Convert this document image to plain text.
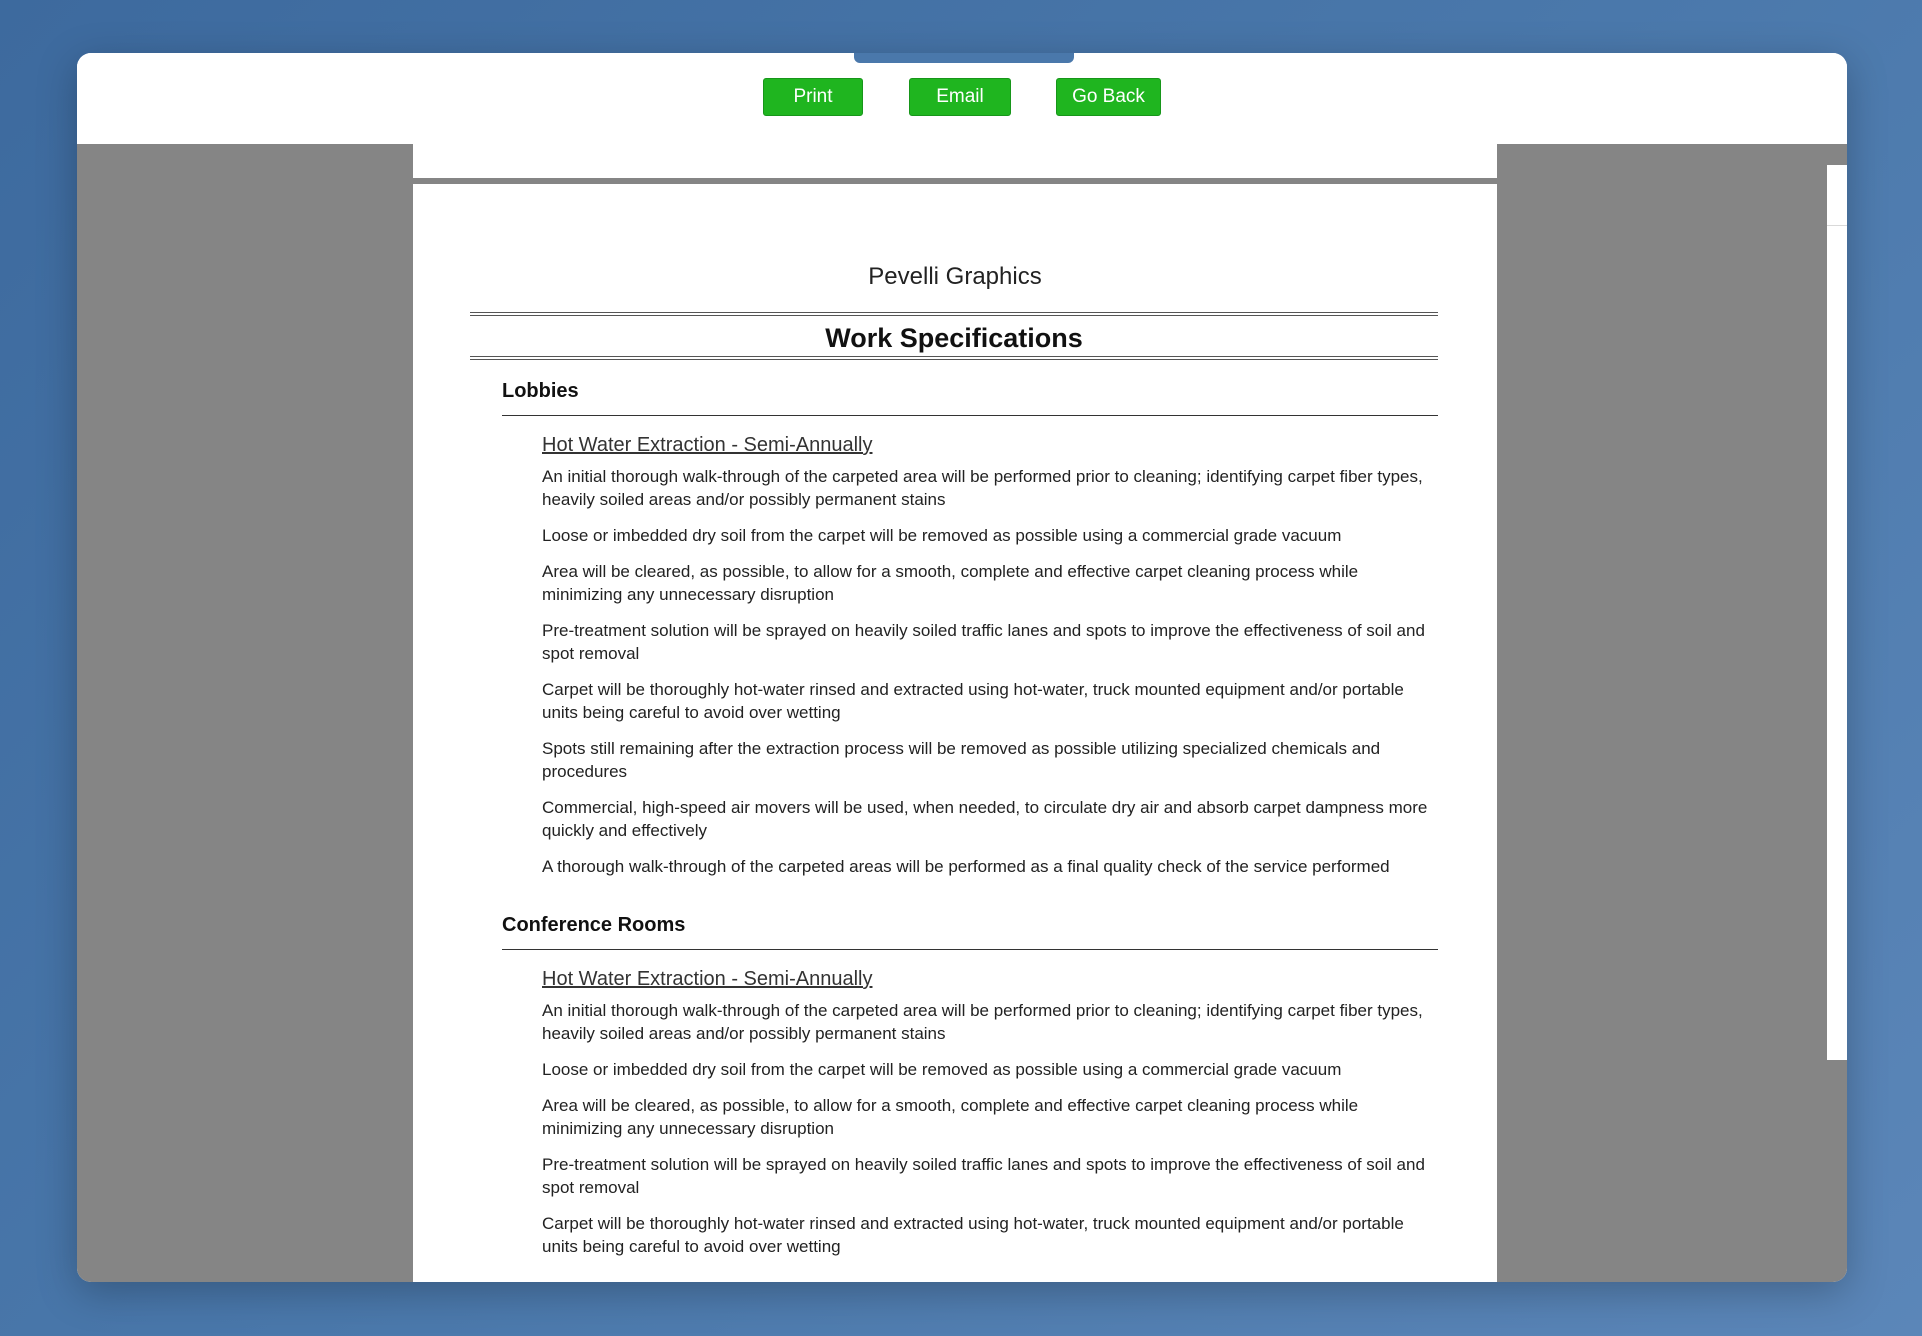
Print	Email	Go Back
Pevelli Graphics
Work Specifications
Lobbies
Hot Water Extraction - Semi-Annually
An initial thorough walk-through of the carpeted area will be performed prior to cleaning; identifying carpet fiber types, heavily soiled areas and/or possibly permanent stains
Loose or imbedded dry soil from the carpet will be removed as possible using a commercial grade vacuum
Area will be cleared, as possible, to allow for a smooth, complete and effective carpet cleaning process while minimizing any unnecessary disruption
Pre-treatment solution will be sprayed on heavily soiled traffic lanes and spots to improve the effectiveness of soil and spot removal
Carpet will be thoroughly hot-water rinsed and extracted using hot-water, truck mounted equipment and/or portable units being careful to avoid over wetting
Spots still remaining after the extraction process will be removed as possible utilizing specialized chemicals and procedures
Commercial, high-speed air movers will be used, when needed, to circulate dry air and absorb carpet dampness more quickly and effectively
A thorough walk-through of the carpeted areas will be performed as a final quality check of the service performed
Conference Rooms
Hot Water Extraction - Semi-Annually
An initial thorough walk-through of the carpeted area will be performed prior to cleaning; identifying carpet fiber types, heavily soiled areas and/or possibly permanent stains
Loose or imbedded dry soil from the carpet will be removed as possible using a commercial grade vacuum
Area will be cleared, as possible, to allow for a smooth, complete and effective carpet cleaning process while minimizing any unnecessary disruption
Pre-treatment solution will be sprayed on heavily soiled traffic lanes and spots to improve the effectiveness of soil and spot removal
Carpet will be thoroughly hot-water rinsed and extracted using hot-water, truck mounted equipment and/or portable units being careful to avoid over wetting
